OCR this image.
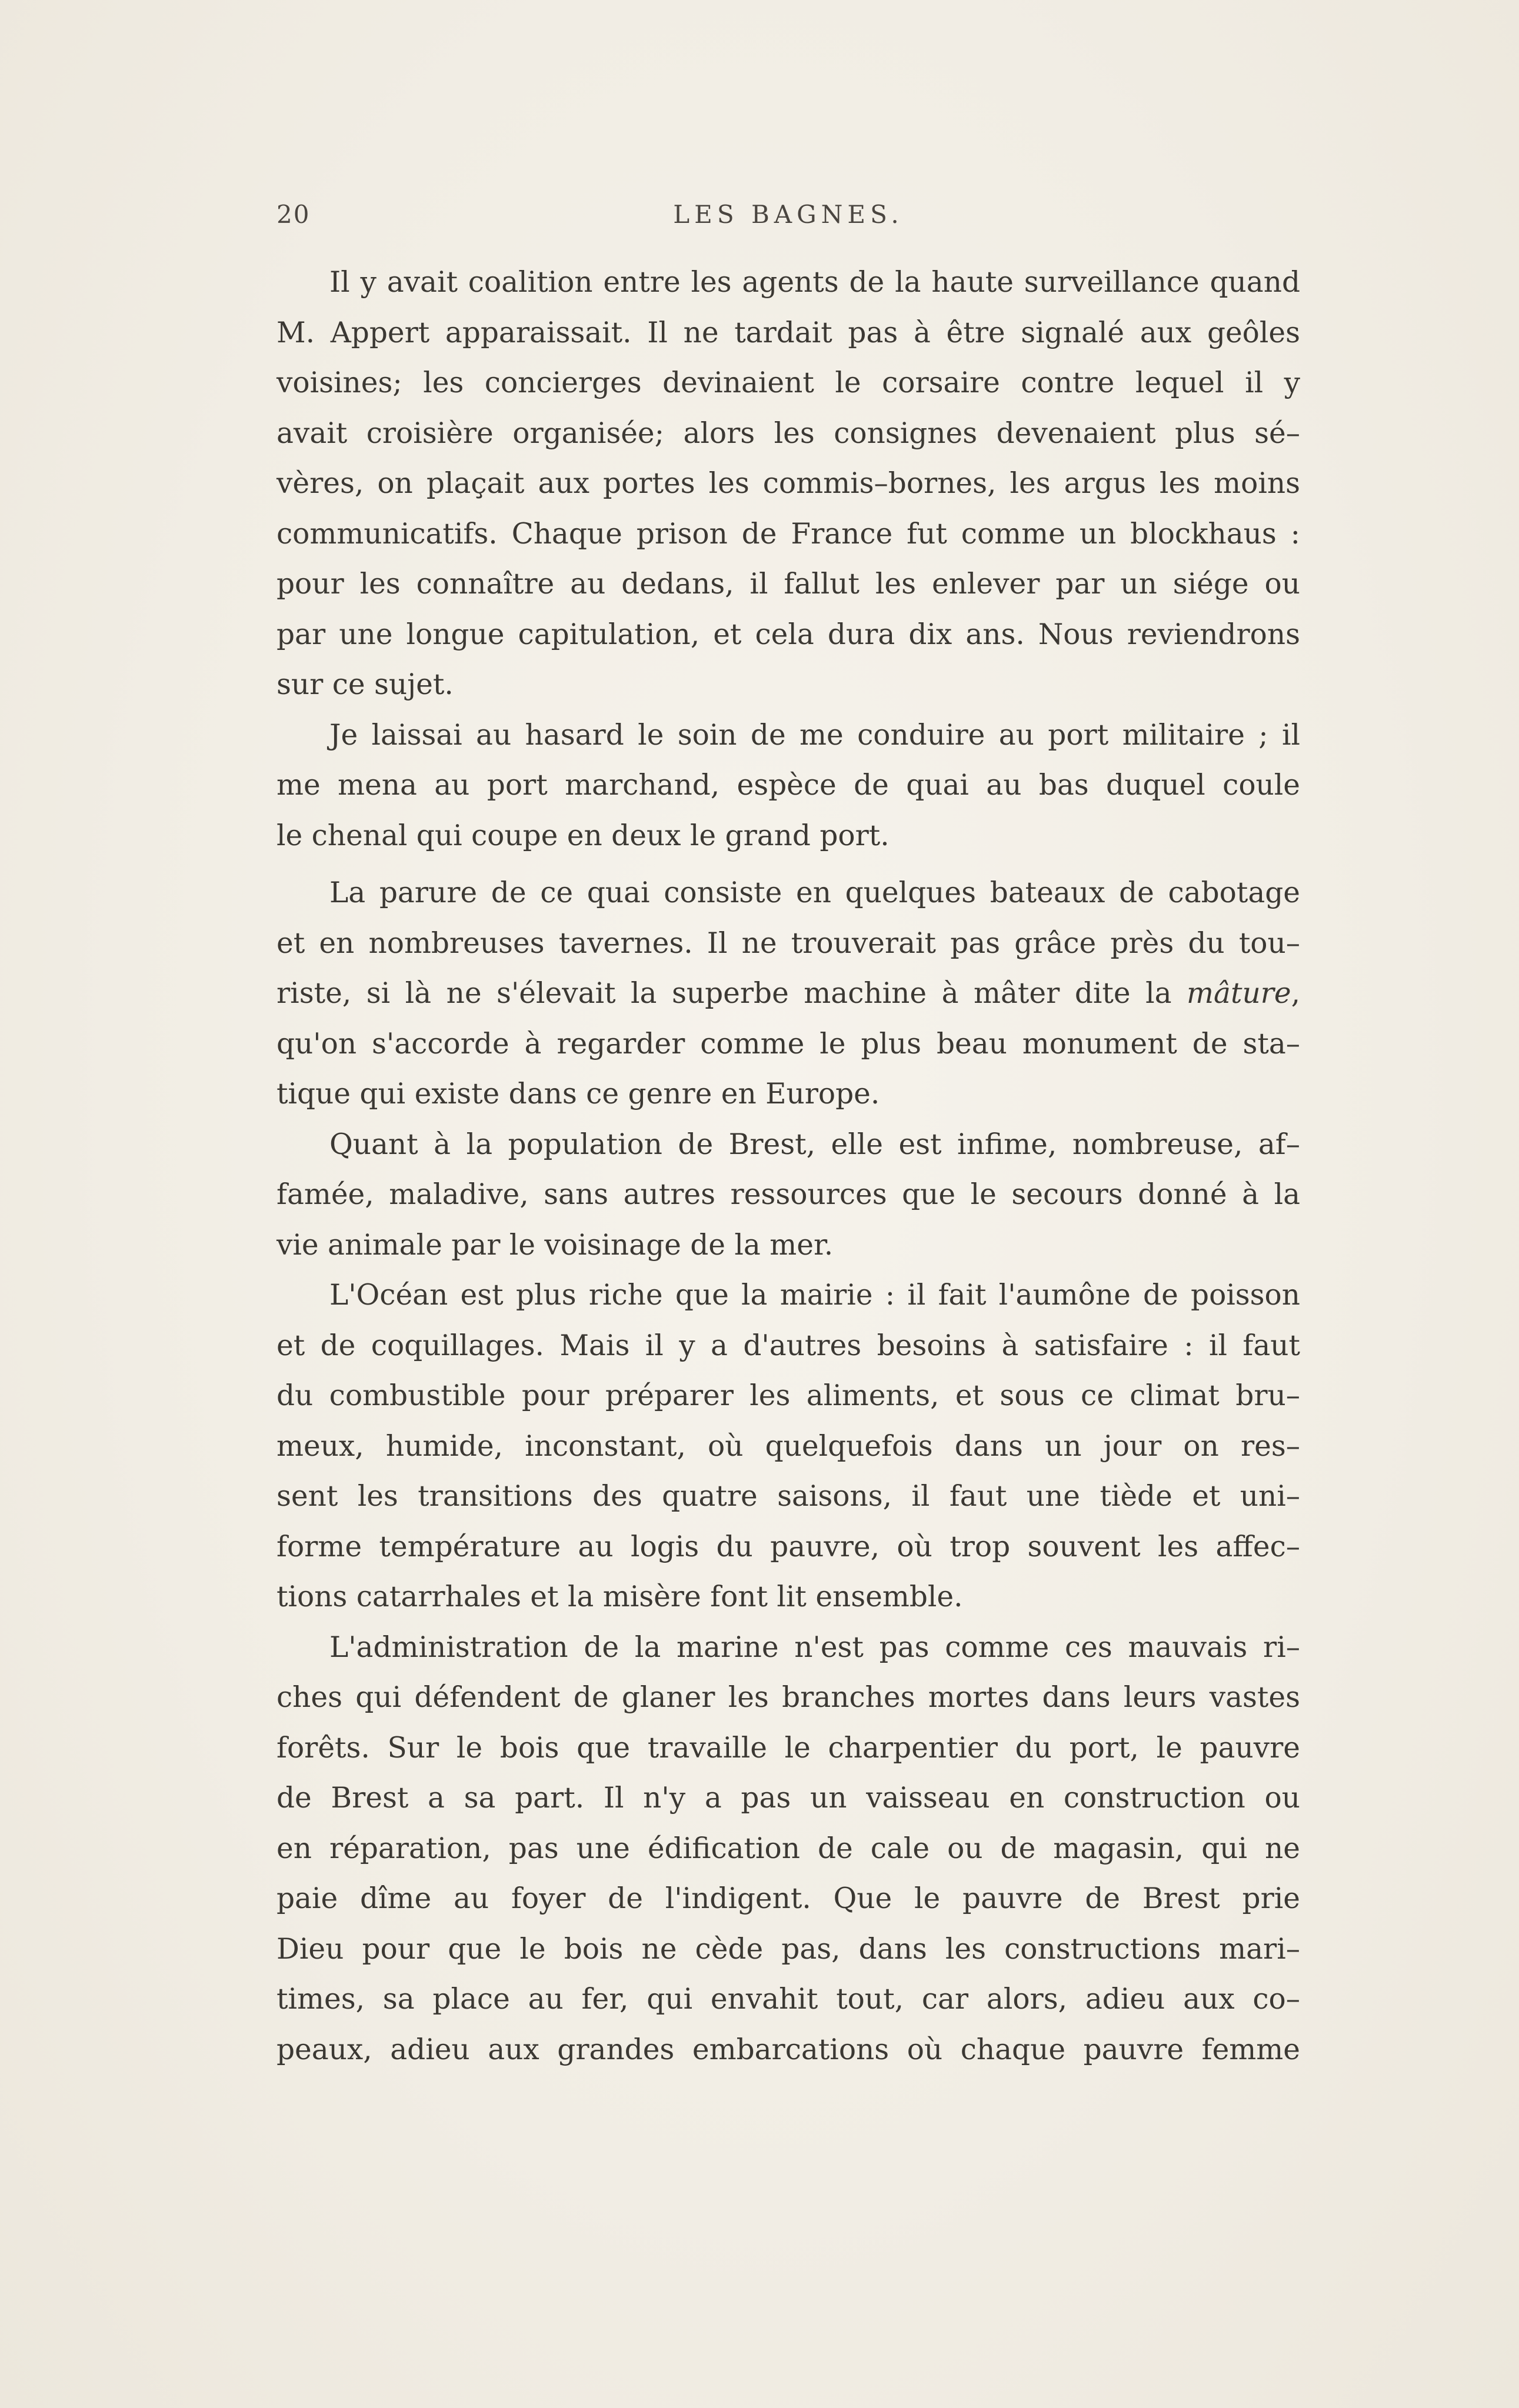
20	LES BAGNES.
Il y avait coalition entre les agents de la haute surveillance quand
M. Appert apparaissait. Il ne tardait pas à être signalé aux geôles
voisines; les concierges devinaient le corsaire contre lequel il y
avait croisière organisée; alors les consignes devenaient plus sé–
vères, on plaçait aux portes les commis–bornes, les argus les moins
communicatifs. Chaque prison de France fut comme un blockhaus :
pour les connaître au dedans, il fallut les enlever par un siége ou
par une longue capitulation, et cela dura dix ans. Nous reviendrons
sur ce sujet.
Je laissai au hasard le soin de me conduire au port militaire ; il
me mena au port marchand, espèce de quai au bas duquel coule
le chenal qui coupe en deux le grand port.
La parure de ce quai consiste en quelques bateaux de cabotage
et en nombreuses tavernes. Il ne trouverait pas grâce près du tou–
riste, si là ne s'élevait la superbe machine à mâter dite la mâture,
qu'on s'accorde à regarder comme le plus beau monument de sta–
tique qui existe dans ce genre en Europe.
Quant à la population de Brest, elle est infime, nombreuse, af–
famée, maladive, sans autres ressources que le secours donné à la
vie animale par le voisinage de la mer.
L'Océan est plus riche que la mairie : il fait l'aumône de poisson
et de coquillages. Mais il y a d'autres besoins à satisfaire : il faut
du combustible pour préparer les aliments, et sous ce climat bru–
meux, humide, inconstant, où quelquefois dans un jour on res–
sent les transitions des quatre saisons, il faut une tiède et uni–
forme température au logis du pauvre, où trop souvent les affec–
tions catarrhales et la misère font lit ensemble.
L'administration de la marine n'est pas comme ces mauvais ri–
ches qui défendent de glaner les branches mortes dans leurs vastes
forêts. Sur le bois que travaille le charpentier du port, le pauvre
de Brest a sa part. Il n'y a pas un vaisseau en construction ou
en réparation, pas une édification de cale ou de magasin, qui ne
paie dîme au foyer de l'indigent. Que le pauvre de Brest prie
Dieu pour que le bois ne cède pas, dans les constructions mari–
times, sa place au fer, qui envahit tout, car alors, adieu aux co–
peaux, adieu aux grandes embarcations où chaque pauvre femme
